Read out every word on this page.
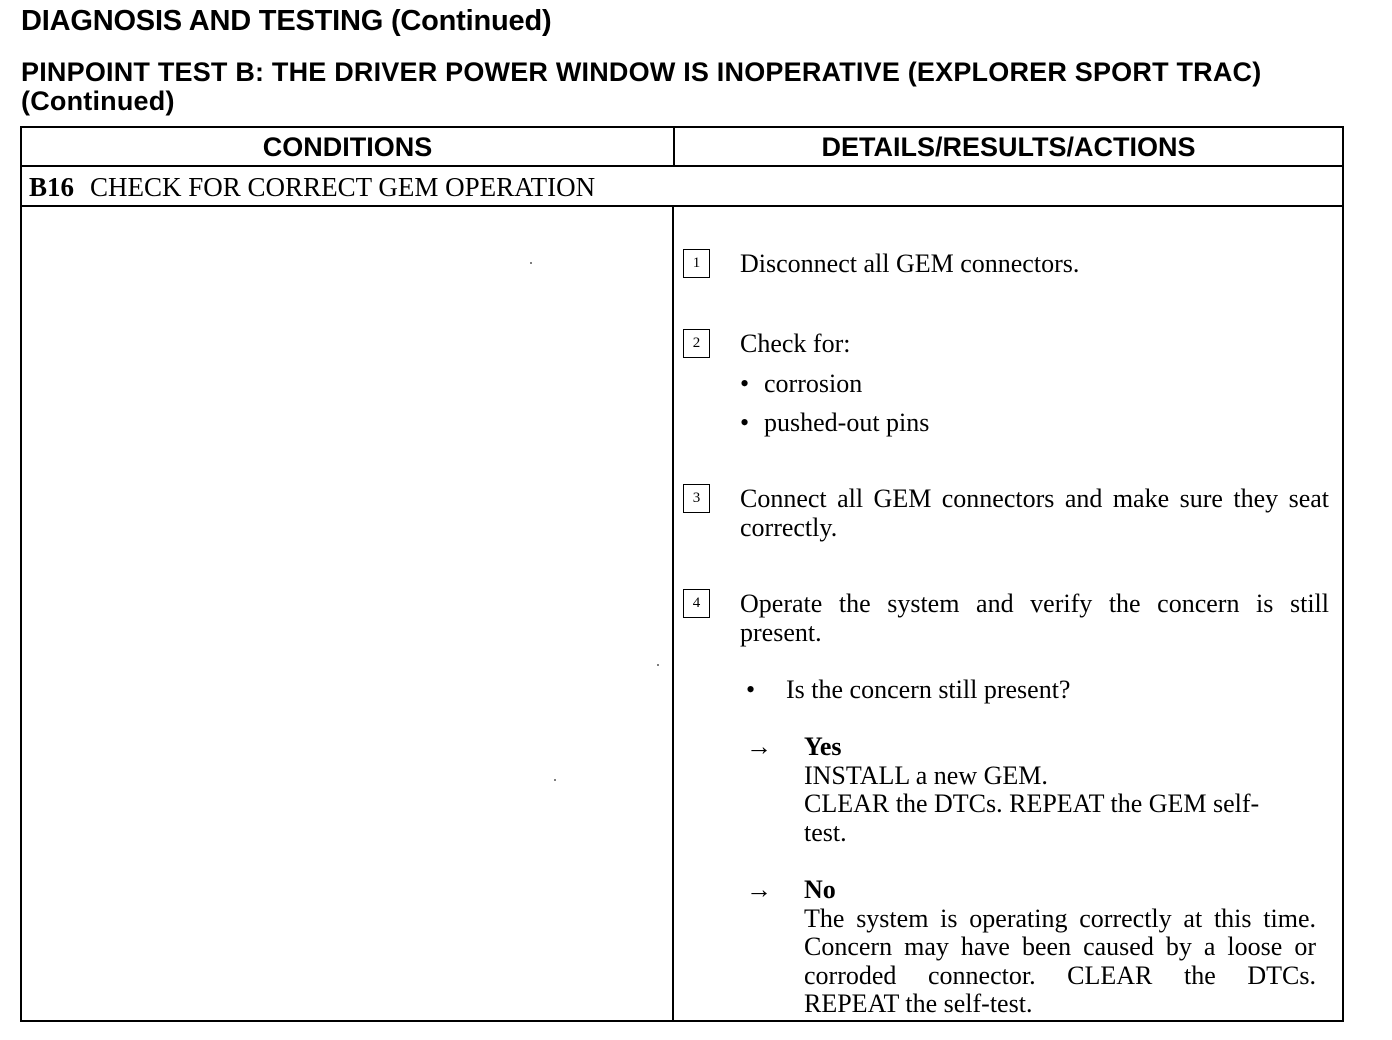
DIAGNOSIS AND TESTING (Continued)
PINPOINT TEST B: THE DRIVER POWER WINDOW IS INOPERATIVE (EXPLORER SPORT TRAC) (Continued)
CONDITIONS	DETAILS/RESULTS/ACTIONS
B16 CHECK FOR CORRECT GEM OPERATION
1	Disconnect all GEM connectors.
2	Check for:
• corrosion
• pushed-out pins
3	Connect all GEM connectors and make sure they seat correctly.
4	Operate the system and verify the concern is still present.
• Is the concern still present?
→ Yes
INSTALL a new GEM.
CLEAR the DTCs. REPEAT the GEM self-test.
→ No
The system is operating correctly at this time. Concern may have been caused by a loose or corroded connector. CLEAR the DTCs. REPEAT the self-test.
